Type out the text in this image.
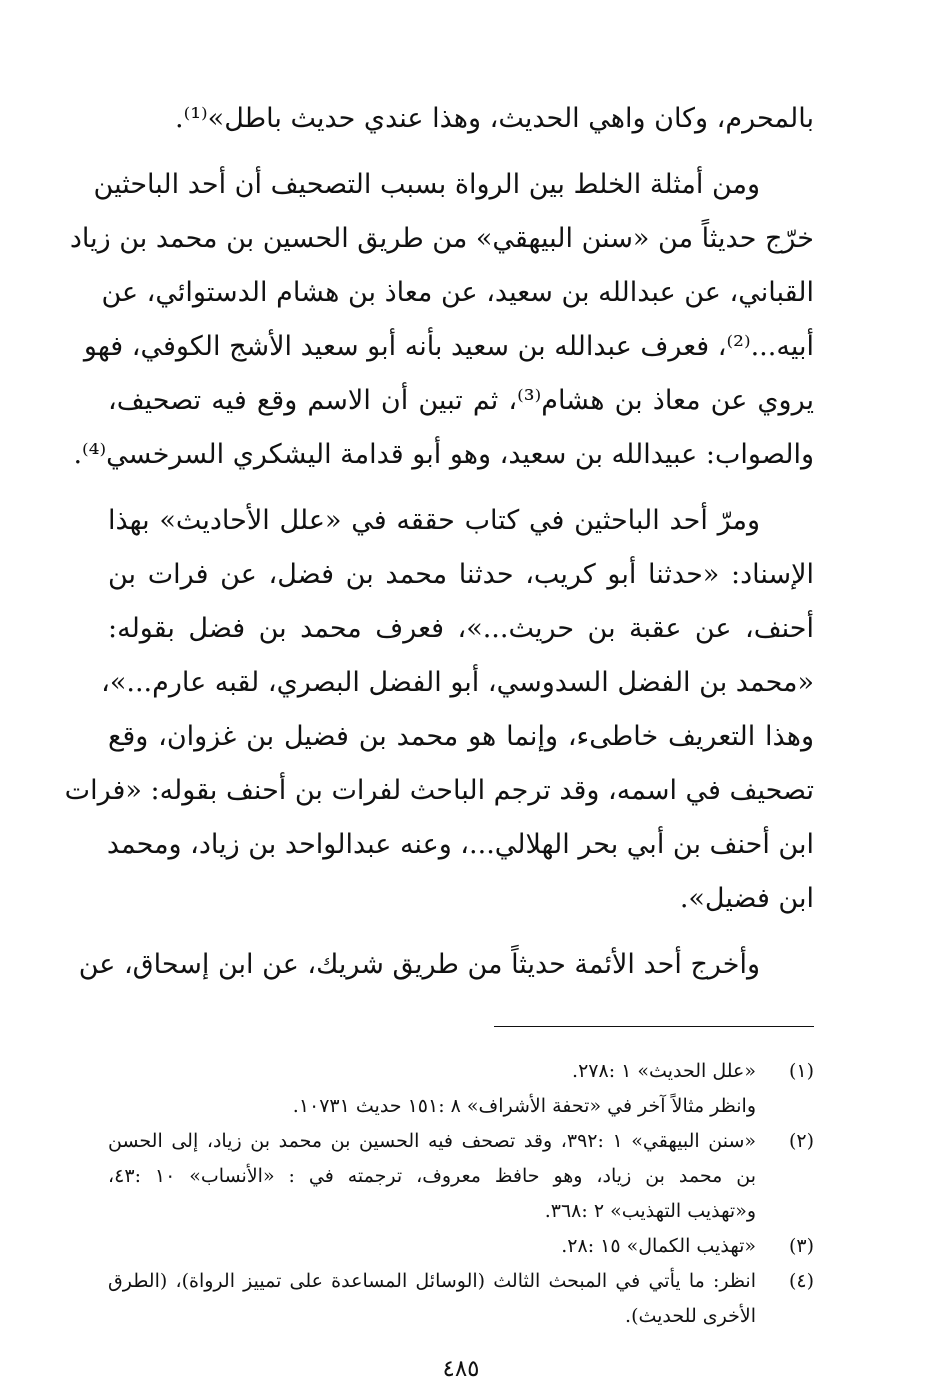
بالمحرم، وكان واهي الحديث، وهذا عندي حديث باطل»⁽¹⁾.
ومن أمثلة الخلط بين الرواة بسبب التصحيف أن أحد الباحثين
خرّج حديثاً من «سنن البيهقي» من طريق الحسين بن محمد بن زياد
القباني، عن عبدالله بن سعيد، عن معاذ بن هشام الدستوائي، عن
أبيه...⁽²⁾، فعرف عبدالله بن سعيد بأنه أبو سعيد الأشج الكوفي، فهو
يروي عن معاذ بن هشام⁽³⁾، ثم تبين أن الاسم وقع فيه تصحيف،
والصواب: عبيدالله بن سعيد، وهو أبو قدامة اليشكري السرخسي⁽⁴⁾.
ومرّ أحد الباحثين في كتاب حققه في «علل الأحاديث» بهذا
الإسناد: «حدثنا أبو كريب، حدثنا محمد بن فضل، عن فرات بن
أحنف، عن عقبة بن حريث...»، فعرف محمد بن فضل بقوله:
«محمد بن الفضل السدوسي، أبو الفضل البصري، لقبه عارم...»،
وهذا التعريف خاطىء، وإنما هو محمد بن فضيل بن غزوان، وقع
تصحيف في اسمه، وقد ترجم الباحث لفرات بن أحنف بقوله: «فرات
ابن أحنف بن أبي بحر الهلالي...، وعنه عبدالواحد بن زياد، ومحمد
ابن فضيل».
وأخرج أحد الأئمة حديثاً من طريق شريك، عن ابن إسحاق، عن
(١)
«علل الحديث» ١ :٢٧٨.
وانظر مثالاً آخر في «تحفة الأشراف» ٨ :١٥١ حديث ١٠٧٣١.
(٢)
«سنن البيهقي» ١ :٣٩٢، وقد تصحف فيه الحسين بن محمد بن زياد، إلى الحسن
بن محمد بن زياد، وهو حافظ معروف، ترجمته في : «الأنساب» ١٠ :٤٣،
و«تهذيب التهذيب» ٢ :٣٦٨.
(٣)
«تهذيب الكمال» ١٥ :٢٨.
(٤)
انظر: ما يأتي في المبحث الثالث (الوسائل المساعدة على تمييز الرواة)، (الطرق
الأخرى للحديث).
٤٨٥
